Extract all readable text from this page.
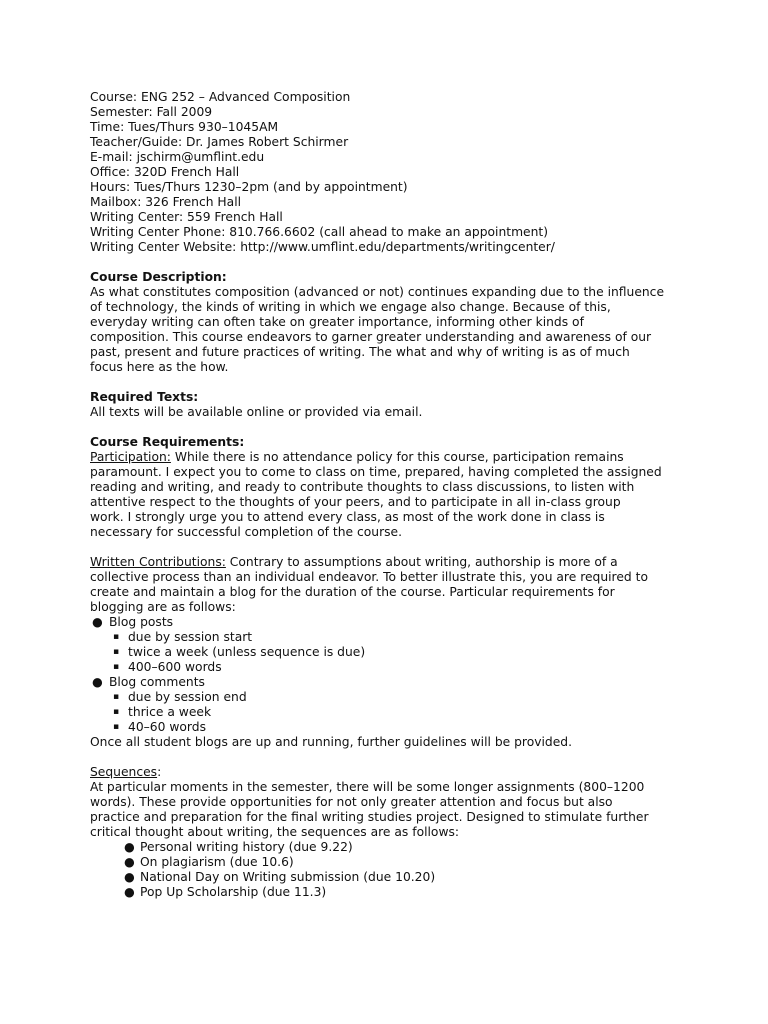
Course: ENG 252 – Advanced Composition
Semester: Fall 2009
Time: Tues/Thurs 930–1045AM
Teacher/Guide: Dr. James Robert Schirmer
E-mail: jschirm@umflint.edu
Office: 320D French Hall
Hours: Tues/Thurs 1230–2pm (and by appointment)
Mailbox: 326 French Hall
Writing Center: 559 French Hall
Writing Center Phone: 810.766.6602 (call ahead to make an appointment)
Writing Center Website: http://www.umflint.edu/departments/writingcenter/
Course Description:
As what constitutes composition (advanced or not) continues expanding due to the influence
of technology, the kinds of writing in which we engage also change. Because of this,
everyday writing can often take on greater importance, informing other kinds of
composition. This course endeavors to garner greater understanding and awareness of our
past, present and future practices of writing. The what and why of writing is as of much
focus here as the how.
Required Texts:
All texts will be available online or provided via email.
Course Requirements:
Participation: While there is no attendance policy for this course, participation remains
paramount. I expect you to come to class on time, prepared, having completed the assigned
reading and writing, and ready to contribute thoughts to class discussions, to listen with
attentive respect to the thoughts of your peers, and to participate in all in-class group
work. I strongly urge you to attend every class, as most of the work done in class is
necessary for successful completion of the course.
Written Contributions: Contrary to assumptions about writing, authorship is more of a
collective process than an individual endeavor. To better illustrate this, you are required to
create and maintain a blog for the duration of the course. Particular requirements for
blogging are as follows:
● Blog posts
▪ due by session start
▪ twice a week (unless sequence is due)
▪ 400–600 words
● Blog comments
▪ due by session end
▪ thrice a week
▪ 40–60 words
Once all student blogs are up and running, further guidelines will be provided.
Sequences:
At particular moments in the semester, there will be some longer assignments (800–1200
words). These provide opportunities for not only greater attention and focus but also
practice and preparation for the final writing studies project. Designed to stimulate further
critical thought about writing, the sequences are as follows:
● Personal writing history (due 9.22)
● On plagiarism (due 10.6)
● National Day on Writing submission (due 10.20)
● Pop Up Scholarship (due 11.3)
